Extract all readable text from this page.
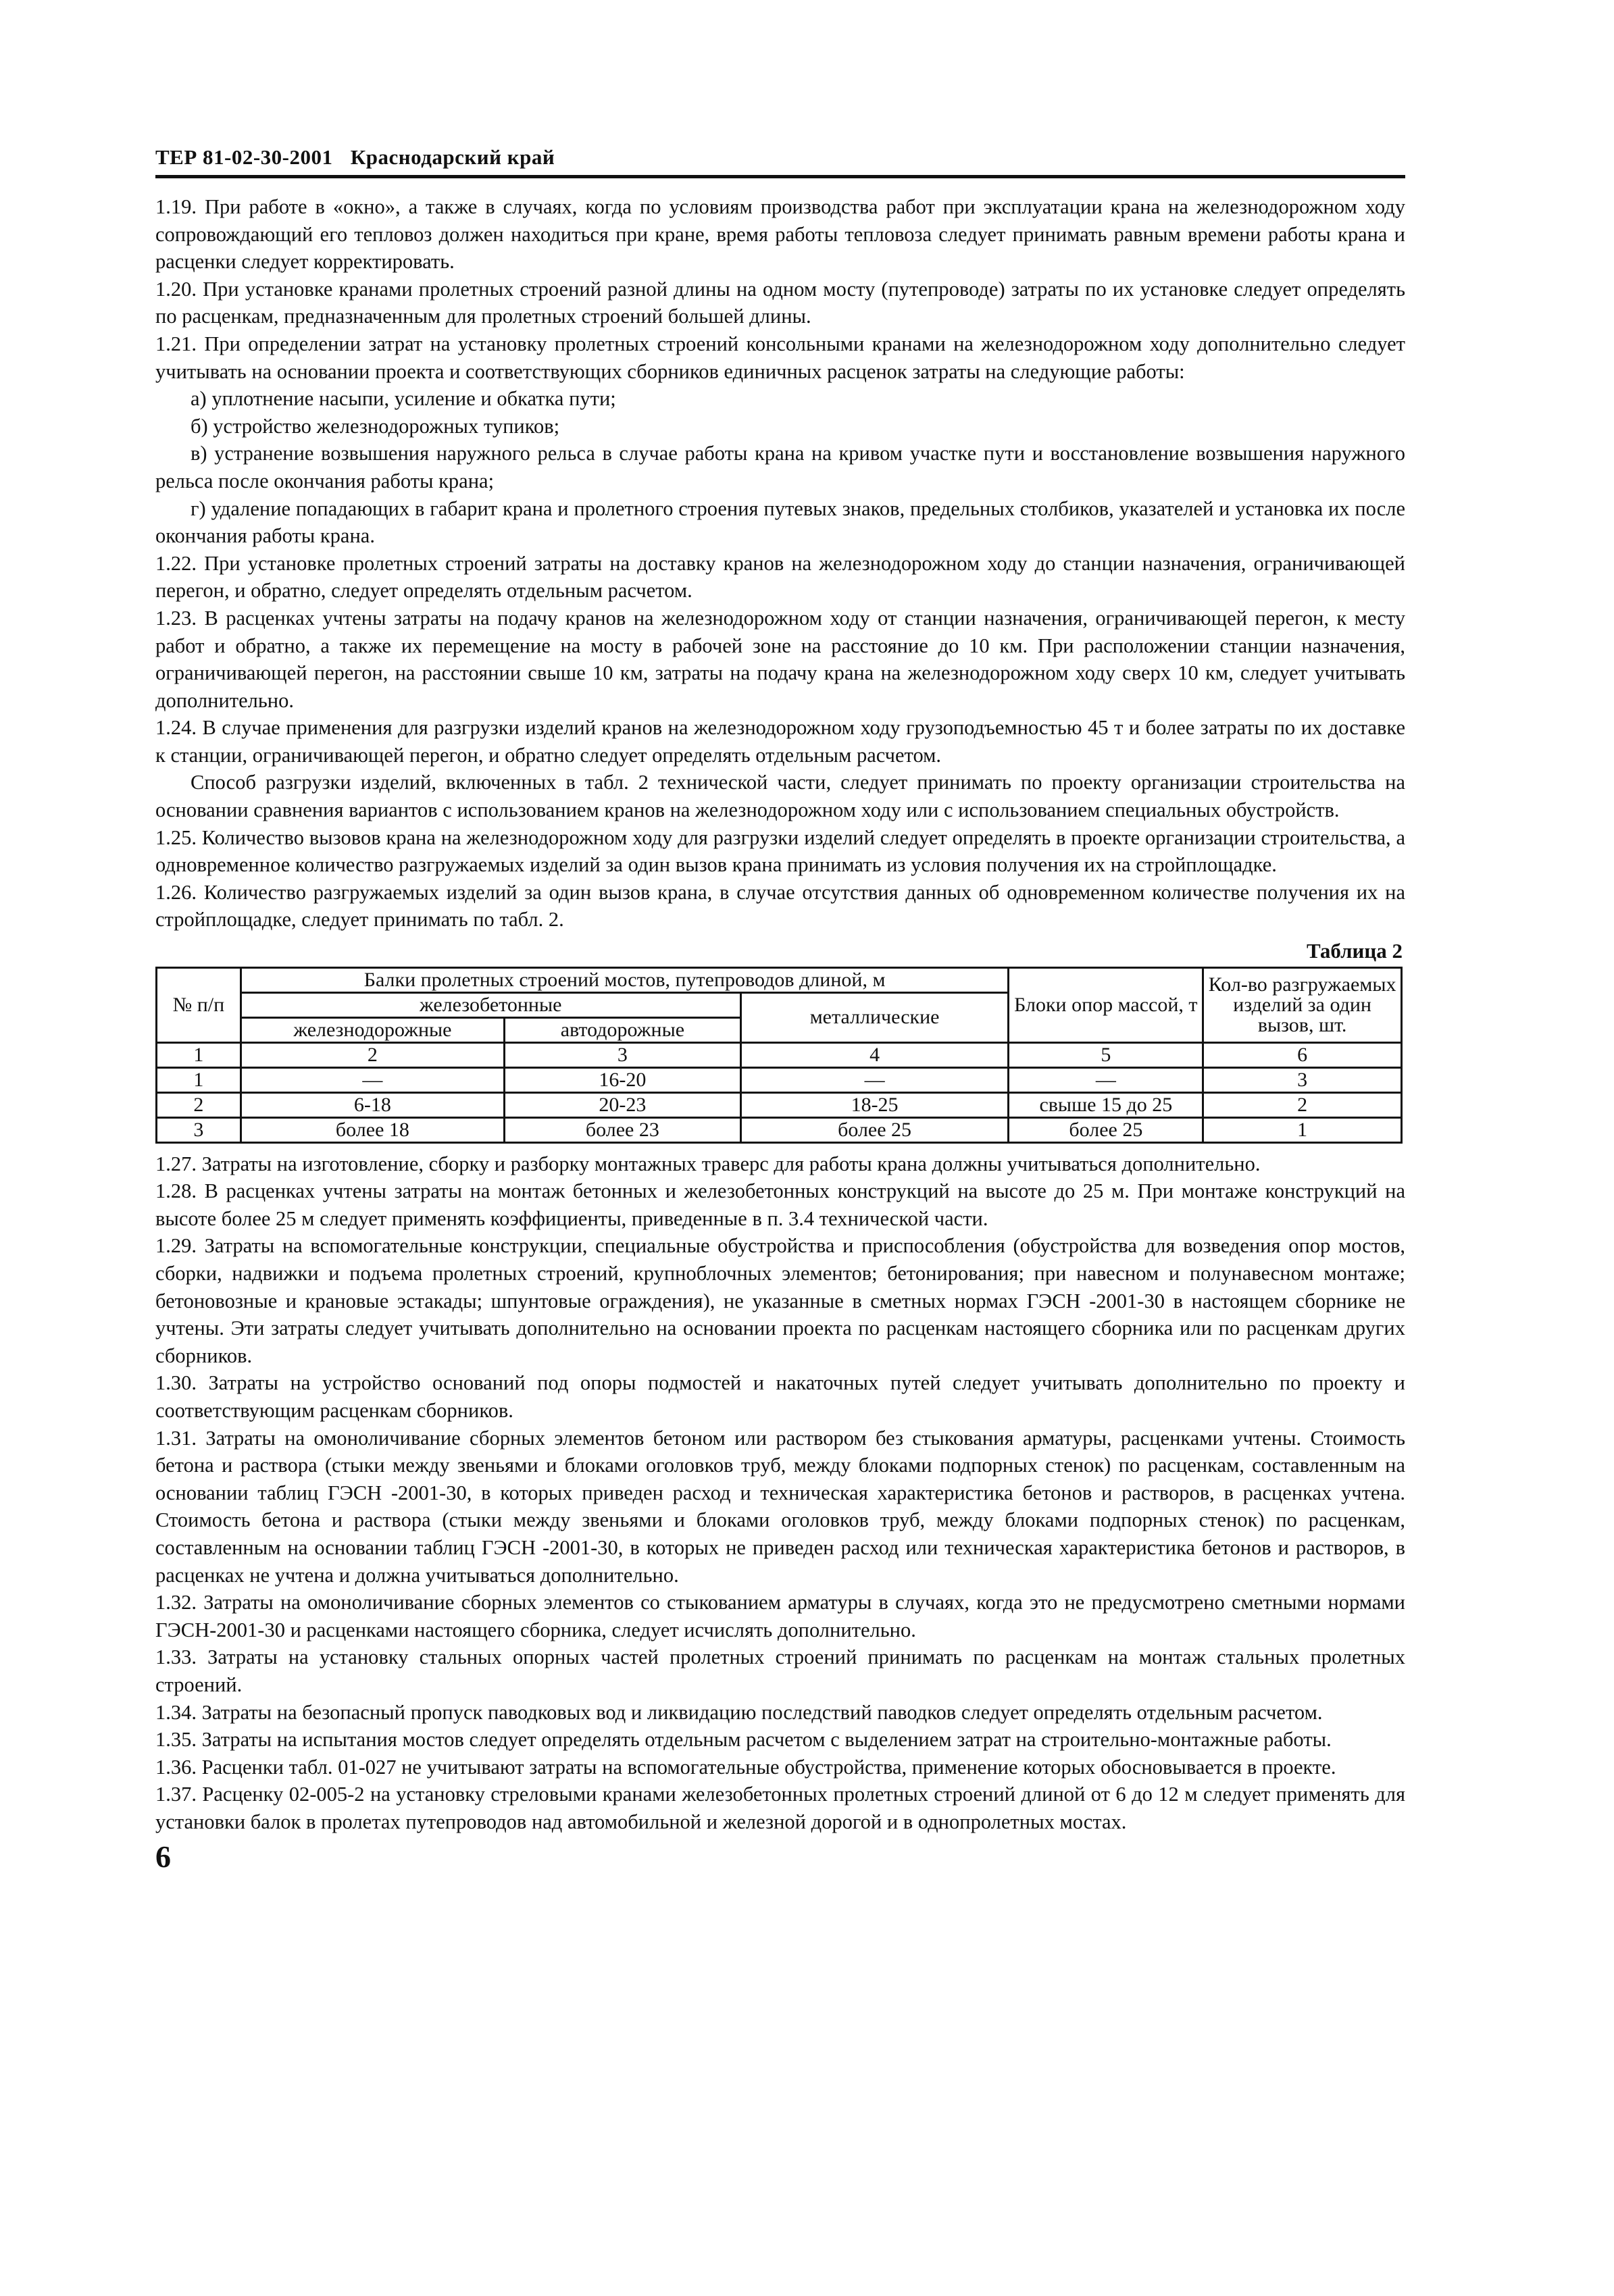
ТЕР 81-02-30-2001 Краснодарский край

1.19. При работе в «окно», а также в случаях, когда по условиям производства работ при эксплуатации крана на железнодорожном ходу сопровождающий его тепловоз должен находиться при кране, время работы тепловоза следует принимать равным времени работы крана и расценки следует корректировать.

1.20. При установке кранами пролетных строений разной длины на одном мосту (путепроводе) затраты по их установке следует определять по расценкам, предназначенным для пролетных строений большей длины.

1.21. При определении затрат на установку пролетных строений консольными кранами на железнодорожном ходу дополнительно следует учитывать на основании проекта и соответствующих сборников единичных расценок затраты на следующие работы:

а) уплотнение насыпи, усиление и обкатка пути;

б) устройство железнодорожных тупиков;

в) устранение возвышения наружного рельса в случае работы крана на кривом участке пути и восстановление возвышения наружного рельса после окончания работы крана;

г) удаление попадающих в габарит крана и пролетного строения путевых знаков, предельных столбиков, указателей и установка их после окончания работы крана.

1.22. При установке пролетных строений затраты на доставку кранов на железнодорожном ходу до станции назначения, ограничивающей перегон, и обратно, следует определять отдельным расчетом.

1.23. В расценках учтены затраты на подачу кранов на железнодорожном ходу от станции назначения, ограничивающей перегон, к месту работ и обратно, а также их перемещение на мосту в рабочей зоне на расстояние до 10 км. При расположении станции назначения, ограничивающей перегон, на расстоянии свыше 10 км, затраты на подачу крана на железнодорожном ходу сверх 10 км, следует учитывать дополнительно.

1.24. В случае применения для разгрузки изделий кранов на железнодорожном ходу грузоподъемностью 45 т и более затраты по их доставке к станции, ограничивающей перегон, и обратно следует определять отдельным расчетом.

Способ разгрузки изделий, включенных в табл. 2 технической части, следует принимать по проекту организации строительства на основании сравнения вариантов с использованием кранов на железнодорожном ходу или с использованием специальных обустройств.

1.25. Количество вызовов крана на железнодорожном ходу для разгрузки изделий следует определять в проекте организации строительства, а одновременное количество разгружаемых изделий за один вызов крана принимать из условия получения их на стройплощадке.

1.26. Количество разгружаемых изделий за один вызов крана, в случае отсутствия данных об одновременном количестве получения их на стройплощадке, следует принимать по табл. 2.

Таблица 2
№ п/п	Балки пролетных строений мостов, путепроводов длиной, м			Блоки опор массой, т	Кол-во разгружаемых изделий за один вызов, шт.
	железобетонные		металлические		
	железнодорожные	автодорожные			
1	2	3	4	5	6
1	—	16-20	—	—	3
2	6-18	20-23	18-25	свыше 15 до 25	2
3	более 18	более 23	более 25	более 25	1

1.27. Затраты на изготовление, сборку и разборку монтажных траверс для работы крана должны учитываться дополнительно.

1.28. В расценках учтены затраты на монтаж бетонных и железобетонных конструкций на высоте до 25 м. При монтаже конструкций на высоте более 25 м следует применять коэффициенты, приведенные в п. 3.4 технической части.

1.29. Затраты на вспомогательные конструкции, специальные обустройства и приспособления (обустройства для возведения опор мостов, сборки, надвижки и подъема пролетных строений, крупноблочных элементов; бетонирования; при навесном и полунавесном монтаже; бетоновозные и крановые эстакады; шпунтовые ограждения), не указанные в сметных нормах ГЭСН -2001-30 в настоящем сборнике не учтены. Эти затраты следует учитывать дополнительно на основании проекта по расценкам настоящего сборника или по расценкам других сборников.

1.30. Затраты на устройство оснований под опоры подмостей и накаточных путей следует учитывать дополнительно по проекту и соответствующим расценкам сборников.

1.31. Затраты на омоноличивание сборных элементов бетоном или раствором без стыкования арматуры, расценками учтены. Стоимость бетона и раствора (стыки между звеньями и блоками оголовков труб, между блоками подпорных стенок) по расценкам, составленным на основании таблиц ГЭСН -2001-30, в которых приведен расход и техническая характеристика бетонов и растворов, в расценках учтена. Стоимость бетона и раствора (стыки между звеньями и блоками оголовков труб, между блоками подпорных стенок) по расценкам, составленным на основании таблиц ГЭСН -2001-30, в которых не приведен расход или техническая характеристика бетонов и растворов, в расценках не учтена и должна учитываться дополнительно.

1.32. Затраты на омоноличивание сборных элементов со стыкованием арматуры в случаях, когда это не предусмотрено сметными нормами ГЭСН-2001-30 и расценками настоящего сборника, следует исчислять дополнительно.

1.33. Затраты на установку стальных опорных частей пролетных строений принимать по расценкам на монтаж стальных пролетных строений.

1.34. Затраты на безопасный пропуск паводковых вод и ликвидацию последствий паводков следует определять отдельным расчетом.

1.35. Затраты на испытания мостов следует определять отдельным расчетом с выделением затрат на строительно-монтажные работы.

1.36. Расценки табл. 01-027 не учитывают затраты на вспомогательные обустройства, применение которых обосновывается в проекте.

1.37. Расценку 02-005-2 на установку стреловыми кранами железобетонных пролетных строений длиной от 6 до 12 м следует применять для установки балок в пролетах путепроводов над автомобильной и железной дорогой и в однопролетных мостах.

6
